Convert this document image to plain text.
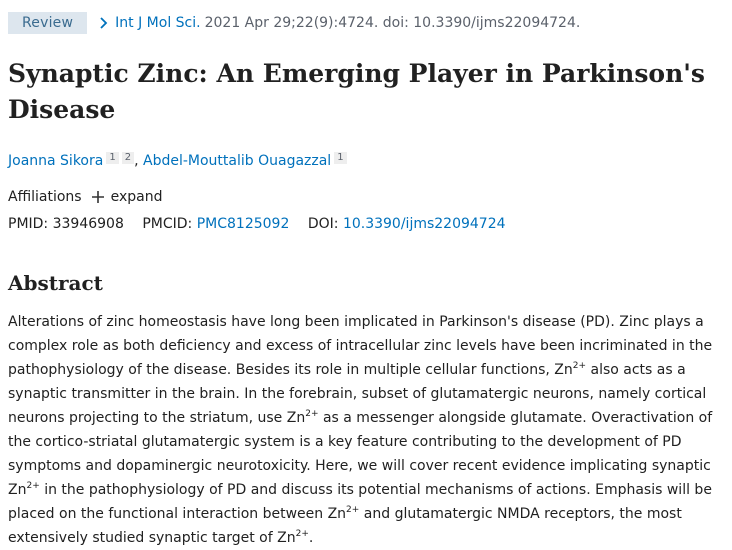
Review	Int J Mol Sci. 2021 Apr 29;22(9):4724. doi: 10.3390/ijms22094724.
Synaptic Zinc: An Emerging Player in Parkinson's Disease
Joanna Sikora 1 2 , Abdel-Mouttalib Ouagazzal 1
Affiliations expand
PMID: 33946908 PMCID: PMC8125092 DOI: 10.3390/ijms22094724
Abstract

Alterations of zinc homeostasis have long been implicated in Parkinson's disease (PD). Zinc plays a complex role as both deficiency and excess of intracellular zinc levels have been incriminated in the pathophysiology of the disease. Besides its role in multiple cellular functions, $Zn^{2+}$ also acts as a synaptic transmitter in the brain. In the forebrain, subset of glutamatergic neurons, namely cortical neurons projecting to the striatum, use $Zn^{2+}$ as a messenger alongside glutamate. Overactivation of the cortico-striatal glutamatergic system is a key feature contributing to the development of PD symptoms and dopaminergic neurotoxicity. Here, we will cover recent evidence implicating synaptic $Zn^{2+}$ in the pathophysiology of PD and discuss its potential mechanisms of actions. Emphasis will be placed on the functional interaction between $Zn^{2+}$ and glutamatergic NMDA receptors, the most extensively studied synaptic target of $Zn^{2+}$.
